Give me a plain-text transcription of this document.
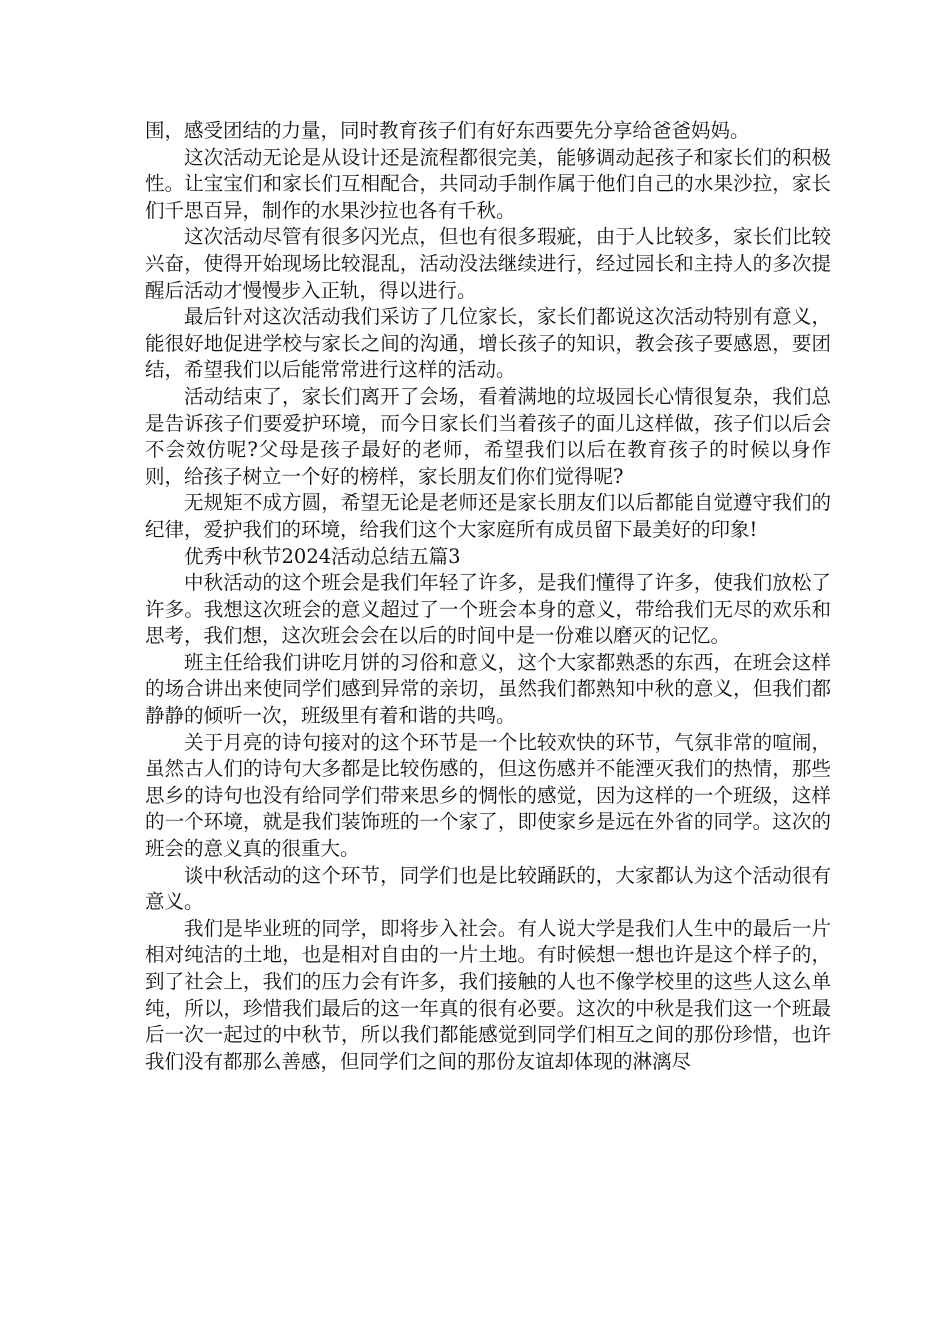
围，感受团结的力量，同时教育孩子们有好东西要先分享给爸爸妈妈。

这次活动无论是从设计还是流程都很完美，能够调动起孩子和家长们的积极性。让宝宝们和家长们互相配合，共同动手制作属于他们自己的水果沙拉，家长们千思百异，制作的水果沙拉也各有千秋。

这次活动尽管有很多闪光点，但也有很多瑕疵，由于人比较多，家长们比较兴奋，使得开始现场比较混乱，活动没法继续进行，经过园长和主持人的多次提醒后活动才慢慢步入正轨，得以进行。

最后针对这次活动我们采访了几位家长，家长们都说这次活动特别有意义，能很好地促进学校与家长之间的沟通，增长孩子的知识，教会孩子要感恩，要团结，希望我们以后能常常进行这样的活动。

活动结束了，家长们离开了会场，看着满地的垃圾园长心情很复杂，我们总是告诉孩子们要爱护环境，而今日家长们当着孩子的面儿这样做，孩子们以后会不会效仿呢?父母是孩子最好的老师，希望我们以后在教育孩子的时候以身作则，给孩子树立一个好的榜样，家长朋友们你们觉得呢?

无规矩不成方圆，希望无论是老师还是家长朋友们以后都能自觉遵守我们的纪律，爱护我们的环境，给我们这个大家庭所有成员留下最美好的印象!

优秀中秋节2024活动总结五篇3

中秋活动的这个班会是我们年轻了许多，是我们懂得了许多，使我们放松了许多。我想这次班会的意义超过了一个班会本身的意义，带给我们无尽的欢乐和思考，我们想，这次班会会在以后的时间中是一份难以磨灭的记忆。

班主任给我们讲吃月饼的习俗和意义，这个大家都熟悉的东西，在班会这样的场合讲出来使同学们感到异常的亲切，虽然我们都熟知中秋的意义，但我们都静静的倾听一次，班级里有着和谐的共鸣。

关于月亮的诗句接对的这个环节是一个比较欢快的环节，气氛非常的喧闹，虽然古人们的诗句大多都是比较伤感的，但这伤感并不能湮灭我们的热情，那些思乡的诗句也没有给同学们带来思乡的惆怅的感觉，因为这样的一个班级，这样的一个环境，就是我们装饰班的一个家了，即使家乡是远在外省的同学。这次的班会的意义真的很重大。

谈中秋活动的这个环节，同学们也是比较踊跃的，大家都认为这个活动很有意义。

我们是毕业班的同学，即将步入社会。有人说大学是我们人生中的最后一片相对纯洁的土地，也是相对自由的一片土地。有时候想一想也许是这个样子的，到了社会上，我们的压力会有许多，我们接触的人也不像学校里的这些人这么单纯，所以，珍惜我们最后的这一年真的很有必要。这次的中秋是我们这一个班最后一次一起过的中秋节，所以我们都能感觉到同学们相互之间的那份珍惜，也许我们没有都那么善感，但同学们之间的那份友谊却体现的淋漓尽
